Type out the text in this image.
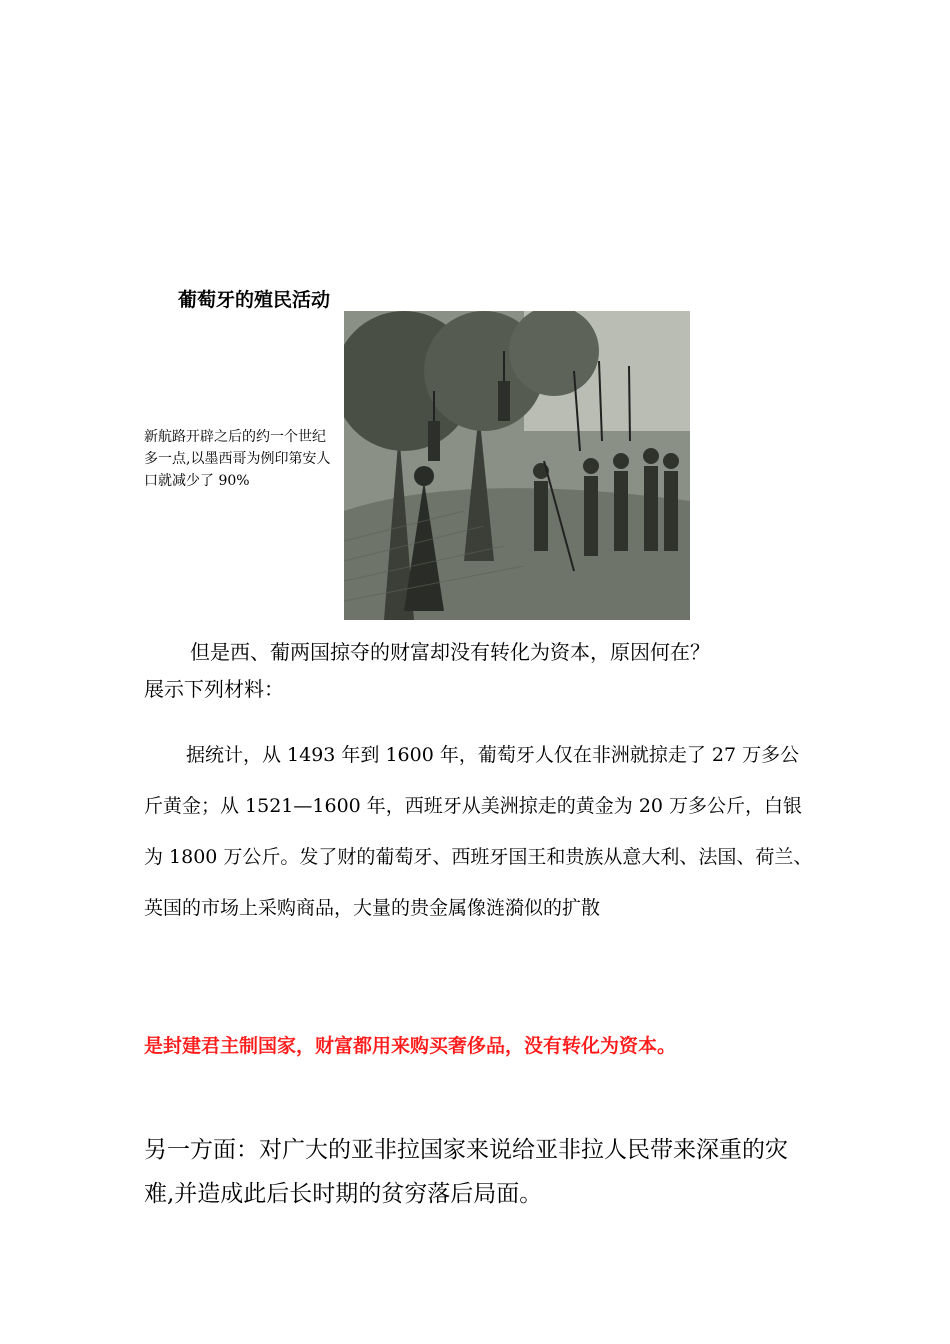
葡萄牙的殖民活动
新航路开辟之后的约一个世纪多一点,以墨西哥为例印第安人口就减少了 90%
但是西、葡两国掠夺的财富却没有转化为资本，原因何在？
展示下列材料：
据统计，从 1493 年到 1600 年，葡萄牙人仅在非洲就掠走了 27 万多公斤黄金；从 1521—1600 年，西班牙从美洲掠走的黄金为 20 万多公斤，白银为 1800 万公斤。发了财的葡萄牙、西班牙国王和贵族从意大利、法国、荷兰、英国的市场上采购商品，大量的贵金属像涟漪似的扩散
是封建君主制国家，财富都用来购买奢侈品，没有转化为资本。
另一方面：对广大的亚非拉国家来说给亚非拉人民带来深重的灾难,并造成此后长时期的贫穷落后局面。
